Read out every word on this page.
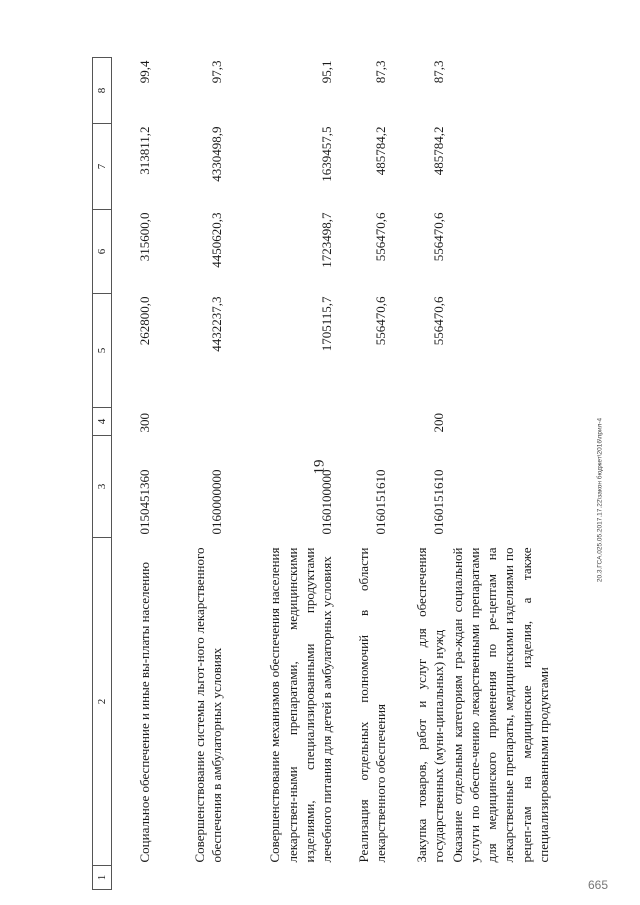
19	20.3.ГСА.025.05.2017.17.22\закон бюджет\2016\прил-4
665
1	2	3	4	5	6	7	8
	Социальное обеспечение и иные вы-платы населению	0150451360	300	262800,0	315600,0	313811,2	99,4
	Совершенствование системы льгот-ного лекарственного обеспечения в амбулаторных условиях	0160000000		4432237,3	4450620,3	4330498,9	97,3
	Совершенствование механизмов обеспечения населения лекарствен-ными препаратами, медицинскими изделиями, специализированными продуктами лечебного питания для детей в амбулаторных условиях	0160100000		1705115,7	1723498,7	1639457,5	95,1
	Реализация отдельных полномочий в области лекарственного обеспечения	0160151610		556470,6	556470,6	485784,2	87,3
	Закупка товаров, работ и услуг для обеспечения государственных (муни-ципальных) нужд	0160151610	200	556470,6	556470,6	485784,2	87,3
	Оказание отдельным категориям гра-ждан социальной услуги по обеспе-чению лекарственными препаратами для медицинского применения по ре-цептам на лекарственные препараты, медицинскими изделиями по рецеп-там на медицинские изделия, а также специализированными продуктами						
